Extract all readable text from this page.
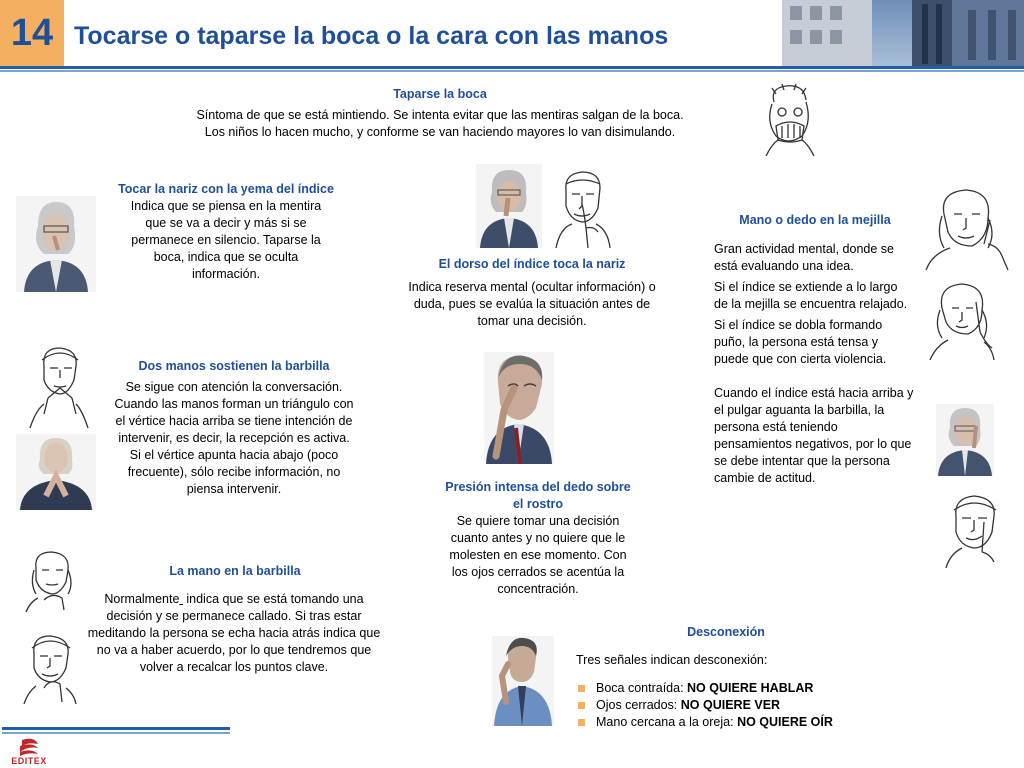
14 Tocarse o taparse la boca o la cara con las manos
Taparse la boca
Síntoma de que se está mintiendo. Se intenta evitar que las mentiras salgan de la boca.
Los niños lo hacen mucho, y conforme se van haciendo mayores lo van disimulando.
Tocar la nariz con la yema del índice
Indica que se piensa en la mentira que se va a decir y más si se permanece en silencio. Taparse la boca, indica que se oculta información.
El dorso del índice toca la nariz
Indica reserva mental (ocultar información) o duda, pues se evalúa la situación antes de tomar una decisión.
Mano o dedo en la mejilla
Gran actividad mental, donde se está evaluando una idea.
Si el índice se extiende a lo largo de la mejilla se encuentra relajado.
Si el índice se dobla formando puño, la persona está tensa y puede que con cierta violencia.
Cuando el índice está hacia arriba y el pulgar aguanta la barbilla, la persona está teniendo pensamientos negativos, por lo que se debe intentar que la persona cambie de actitud.
Dos manos sostienen la barbilla
Se sigue con atención la conversación. Cuando las manos forman un triángulo con el vértice hacia arriba se tiene intención de intervenir, es decir, la recepción es activa.
Si el vértice apunta hacia abajo (poco frecuente), sólo recibe información, no piensa intervenir.	Presión intensa del dedo sobre el rostro
Se quiere tomar una decisión cuanto antes y no quiere que le molesten en ese momento. Con los ojos cerrados se acentúa la concentración.
La mano en la barbilla
Normalmente  indica que se está tomando una decisión y se permanece callado. Si tras estar meditando la persona se echa hacia atrás indica que no va a haber acuerdo, por lo que tendremos que volver a recalcar los puntos clave.
Desconexión
Tres señales indican desconexión:
Boca contraída: NO QUIERE HABLAR
Ojos cerrados: NO QUIERE VER
Mano cercana a la oreja: NO QUIERE OÍR
EDITEX
